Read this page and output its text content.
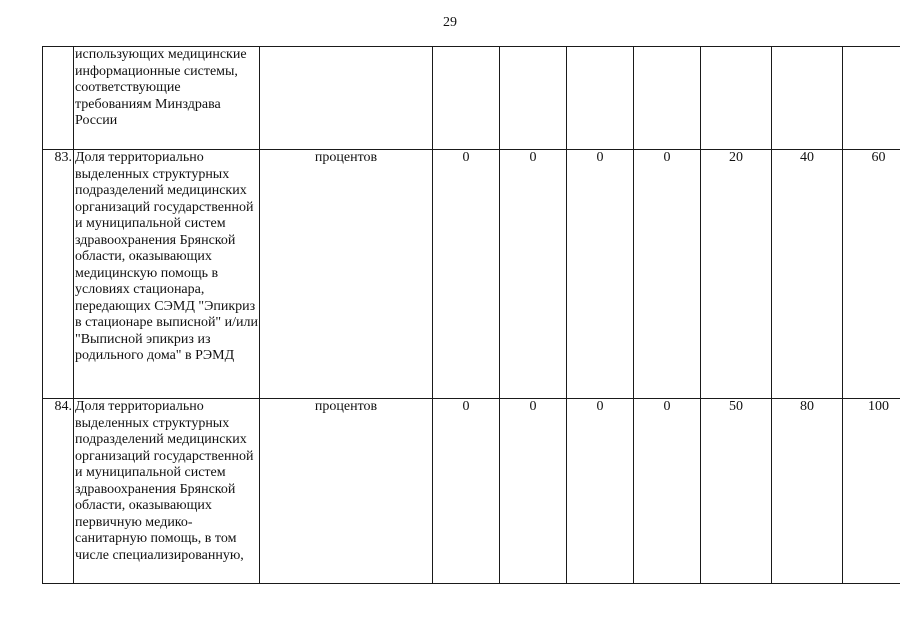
29
	использующих медицинские информационные системы, соответствующие требованиям Минздрава России								
83.	Доля территориально выделенных структурных подразделений медицинских организаций государственной и муниципальной систем здравоохранения Брянской области, оказывающих медицинскую помощь в условиях стационара, передающих СЭМД "Эпикриз в стационаре выписной" и/или "Выписной эпикриз из родильного дома" в РЭМД	процентов	0	0	0	0	20	40	60
84.	Доля территориально выделенных структурных подразделений медицинских организаций государственной и муниципальной систем здравоохранения Брянской области, оказывающих первичную медико-санитарную помощь, в том числе специализированную,	процентов	0	0	0	0	50	80	100
